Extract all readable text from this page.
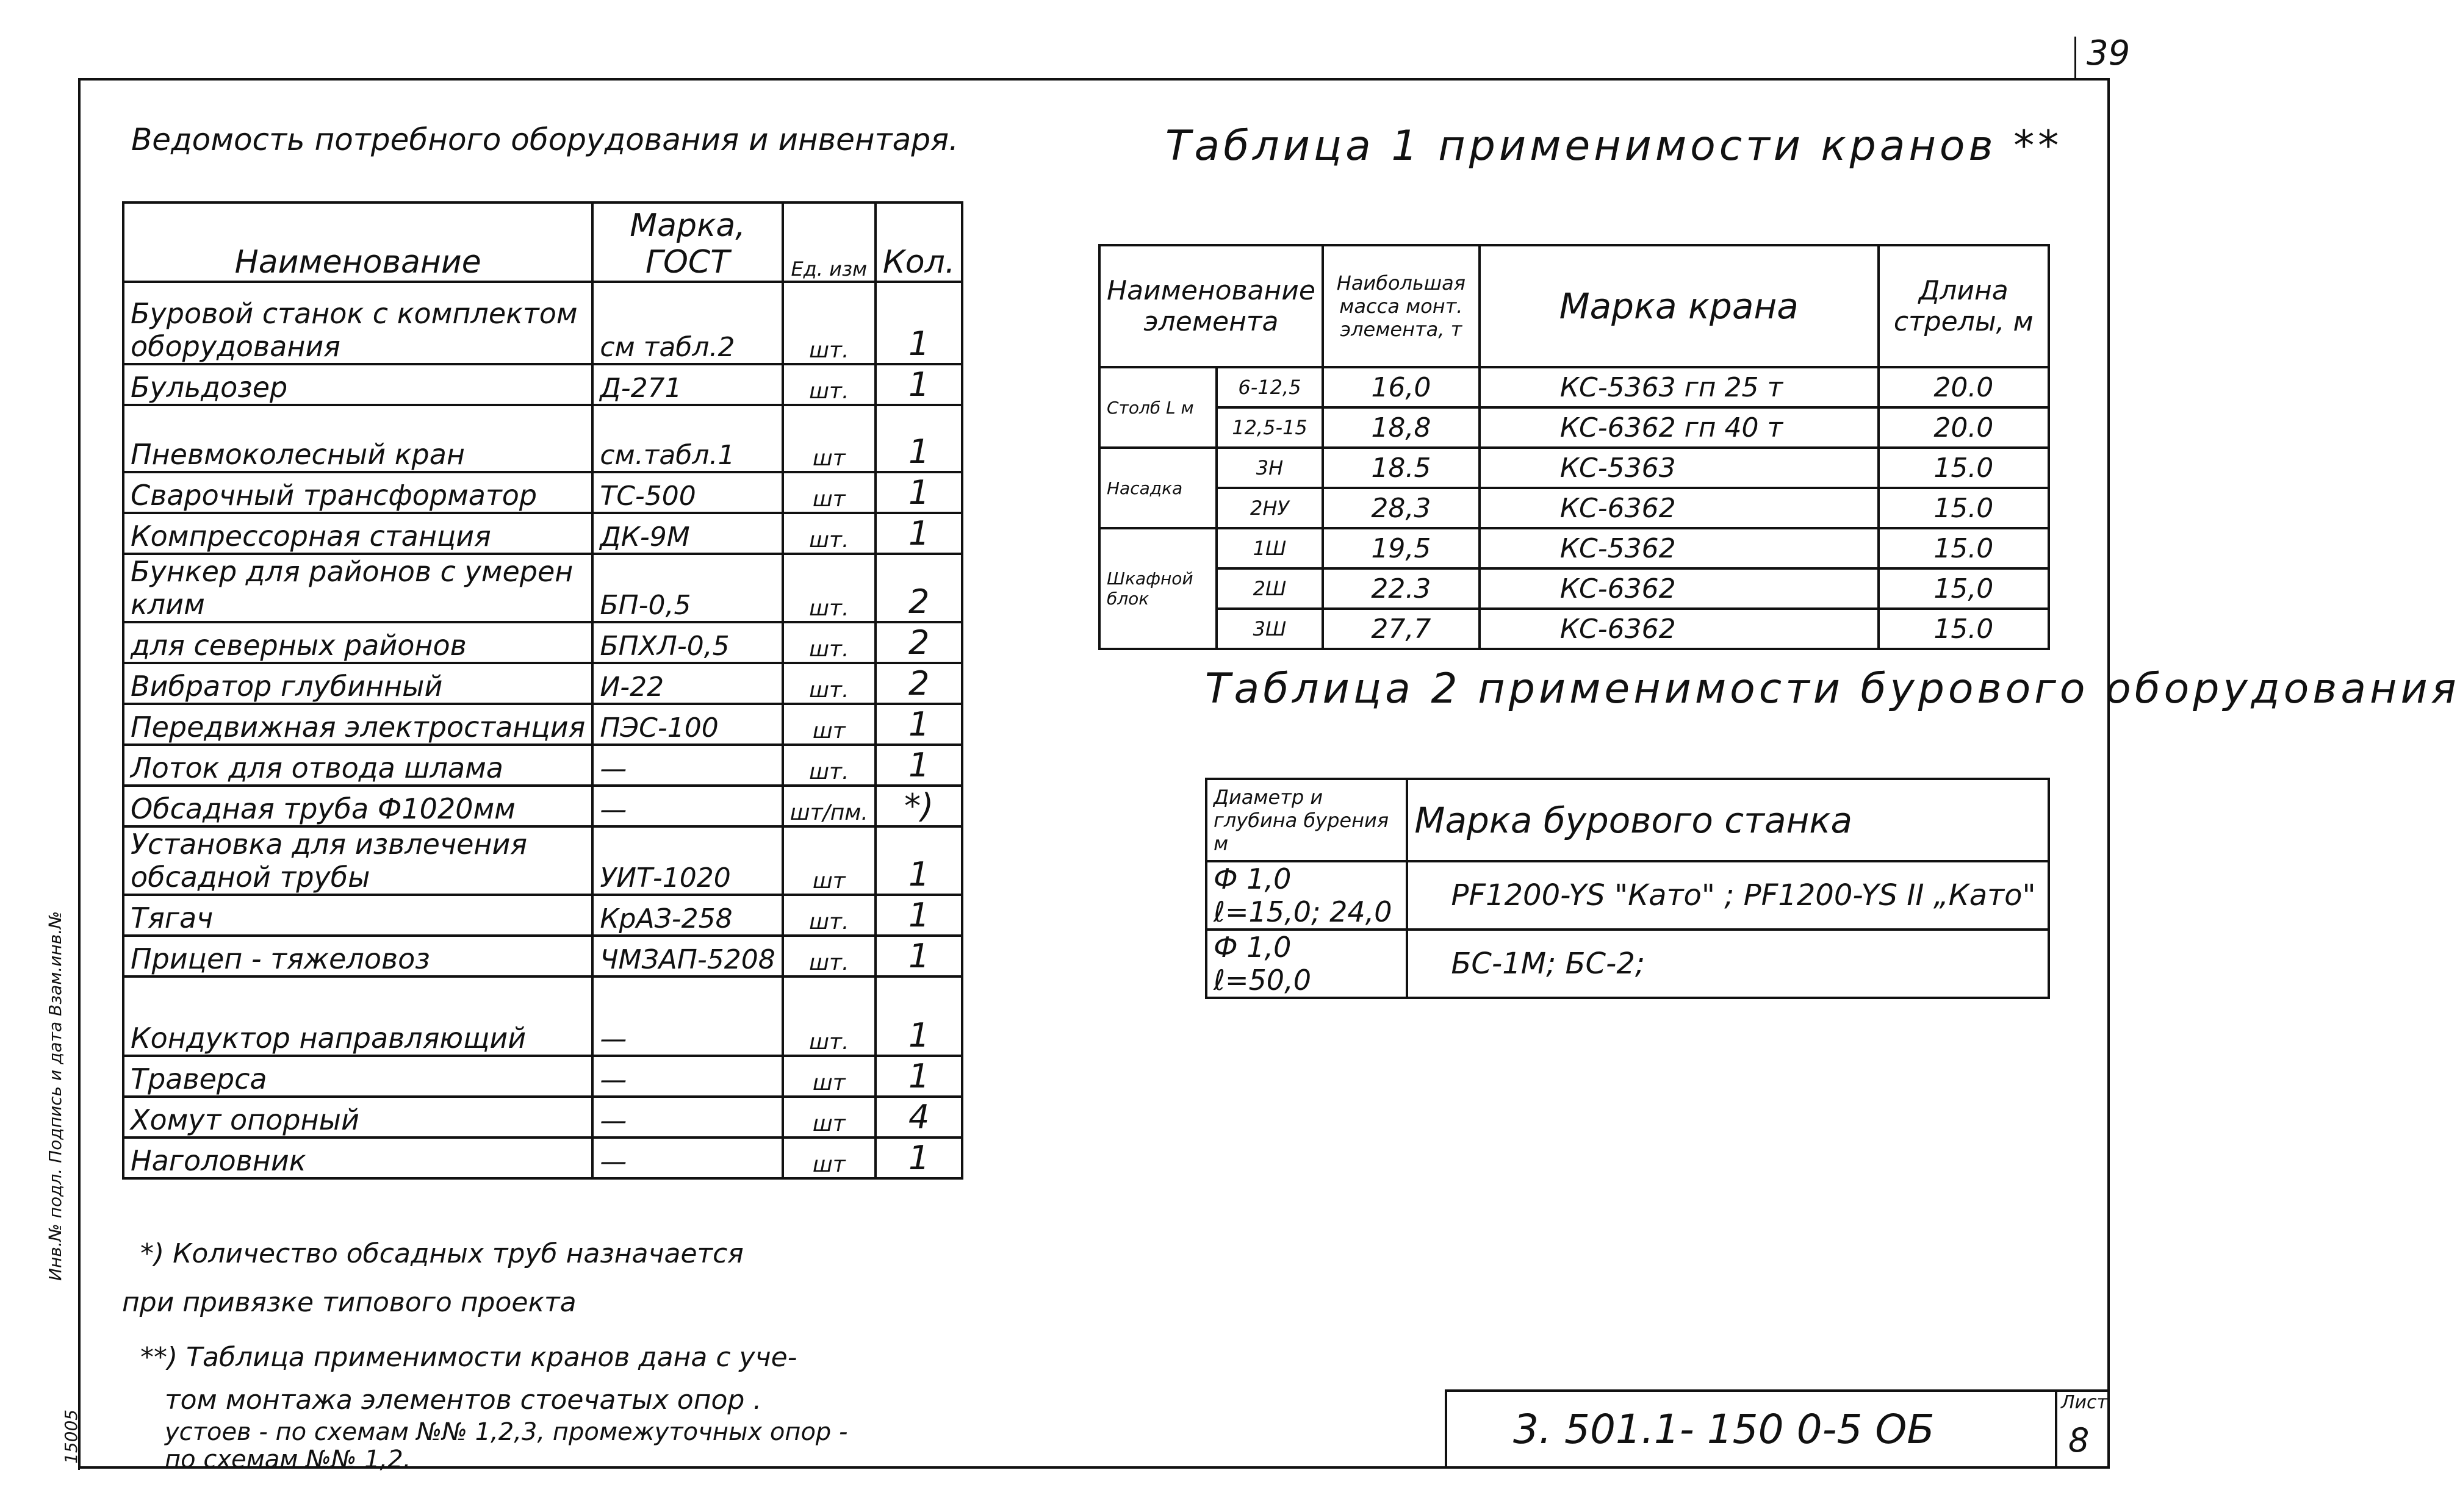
39
Ведомость потребного оборудования и инвентаря.
Наименование	Марка, ГОСТ	Ед. изм	Кол.
Буровой станок с комплектом оборудования	см табл.2	шт.	1
Бульдозер	Д-271	шт.	1
Пневмоколесный кран	см.табл.1	шт	1
Сварочный трансформатор	ТС-500	шт	1
Компрессорная станция	ДК-9М	шт.	1
Бункер для районов с умерен клим	БП-0,5	шт.	2
для северных районов	БПХЛ-0,5	шт.	2
Вибратор глубинный	И-22	шт.	2
Передвижная электростанция	ПЭС-100	шт	1
Лоток для отвода шлама	—	шт.	1
Обсадная труба Ф1020мм	—	шт/пм.	*)
Установка для извлечения обсадной трубы	УИТ-1020	шт	1
Тягач	КрАЗ-258	шт.	1
Прицеп - тяжеловоз	ЧМЗАП-5208	шт.	1
Кондуктор направляющий	—	шт.	1
Траверса	—	шт	1
Хомут опорный	—	шт	4
Наголовник	—	шт	1
Таблица 1 применимости кранов **
Наименование элемента		Наибольшая масса монт. элемента, т	Марка крана	Длина стрелы, м
Столб L м	6-12,5	16,0	КС-5363 гп 25 т	20.0
	12,5-15	18,8	КС-6362 гп 40 т	20.0
Насадка	3Н	18.5	КС-5363	15.0
	2НУ	28,3	КС-6362	15.0
Шкафной блок	1Ш	19,5	КС-5362	15.0
	2Ш	22.3	КС-6362	15,0
	3Ш	27,7	КС-6362	15.0
Таблица 2 применимости бурового оборудования
Диаметр и глубина бурения м	Марка бурового станка

Ф 1,0
ℓ=15,0; 24,0	PF1200-YS "Като" ; PF1200-YS II „Като"

Ф 1,0
ℓ=50,0	БС-1М; БС-2;
*) Количество обсадных труб назначается
при привязке типового проекта
**) Таблица применимости кранов дана с уче-
том монтажа элементов стоечатых опор .
устоев - по схемам №№ 1,2,3, промежуточных опор -
по схемам №№ 1,2.
3. 501.1- 150 0-5 ОБ
Лист
8
Инв.№ подл. Подпись и дата Взам.инв.№
15005
